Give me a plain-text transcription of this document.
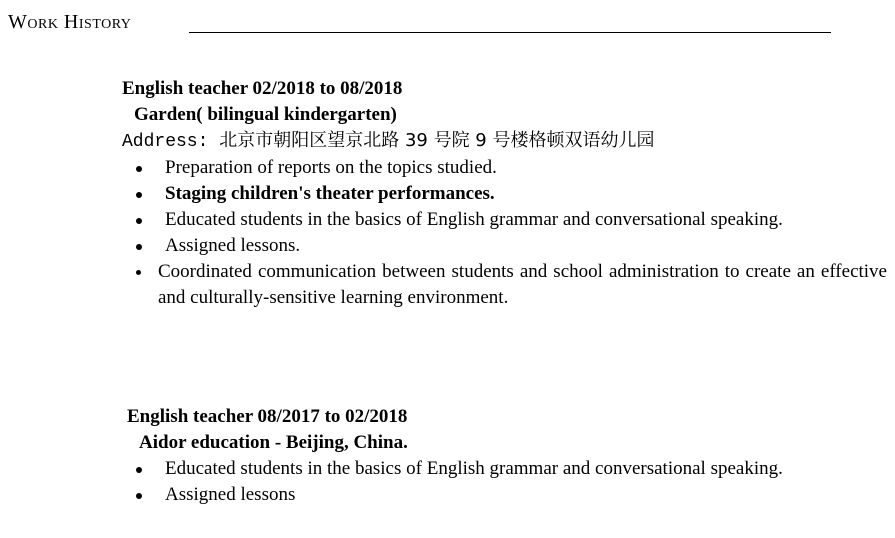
Work History
English teacher 02/2018 to 08/2018
Garden( bilingual kindergarten)
Address: 北京市朝阳区望京北路 39 号院 9 号楼格顿双语幼儿园
Preparation of reports on the topics studied.
Staging children's theater performances.
Educated students in the basics of English grammar and conversational speaking.
Assigned lessons.
Coordinated communication between students and school administration to create an effective and culturally-sensitive learning environment.
English teacher 08/2017 to 02/2018
Aidor education - Beijing, China.
Educated students in the basics of English grammar and conversational speaking.
Assigned lessons
